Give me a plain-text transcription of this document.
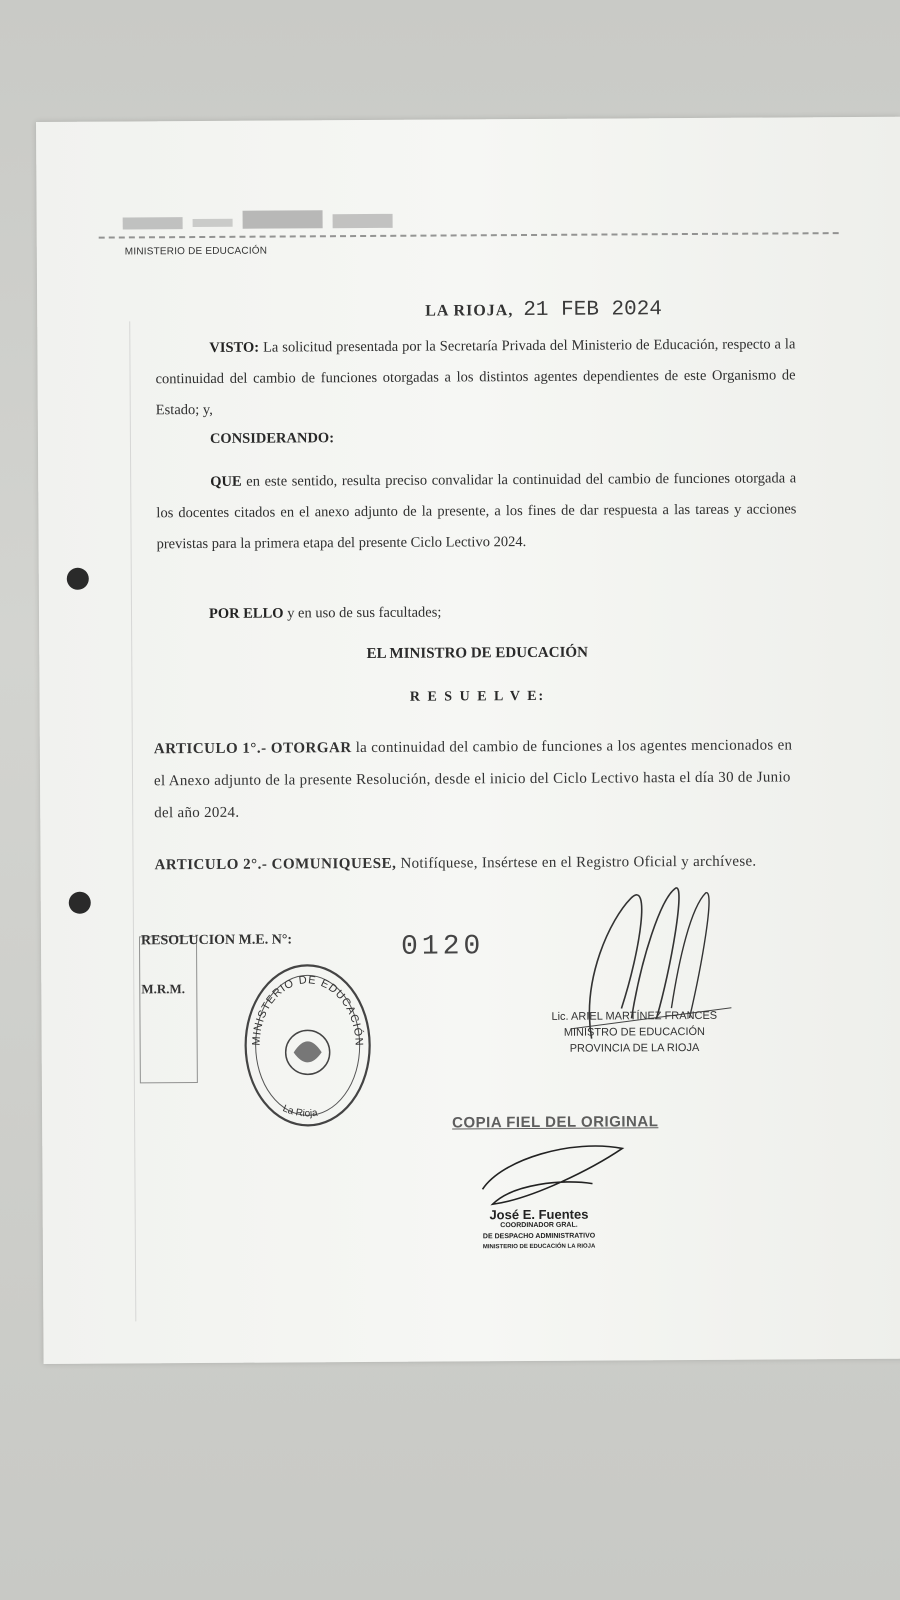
MINISTERIO DE EDUCACIÓN
LA RIOJA, 21 FEB 2024
VISTO: La solicitud presentada por la Secretaría Privada del Ministerio de Educación, respecto a la continuidad del cambio de funciones otorgadas a los distintos agentes dependientes de este Organismo de Estado; y,
CONSIDERANDO:
QUE en este sentido, resulta preciso convalidar la continuidad del cambio de funciones otorgada a los docentes citados en el anexo adjunto de la presente, a los fines de dar respuesta a las tareas y acciones previstas para la primera etapa del presente Ciclo Lectivo 2024.
POR ELLO y en uso de sus facultades;
EL MINISTRO DE EDUCACIÓN
R E S U E L V E:
ARTICULO 1°.- OTORGAR la continuidad del cambio de funciones a los agentes mencionados en el Anexo adjunto de la presente Resolución, desde el inicio del Ciclo Lectivo hasta el día 30 de Junio del año 2024.
ARTICULO 2°.- COMUNIQUESE, Notifíquese, Insértese en el Registro Oficial y archívese.
RESOLUCION M.E. N°:	0120
M.R.M.
MINISTERIO DE EDUCACIÓN
La Rioja
Lic. ARIEL MARTÍNEZ FRANCES
MINISTRO DE EDUCACIÓN
PROVINCIA DE LA RIOJA
COPIA FIEL DEL ORIGINAL
José E. Fuentes
COORDINADOR GRAL.
DE DESPACHO ADMINISTRATIVO
MINISTERIO DE EDUCACIÓN LA RIOJA
